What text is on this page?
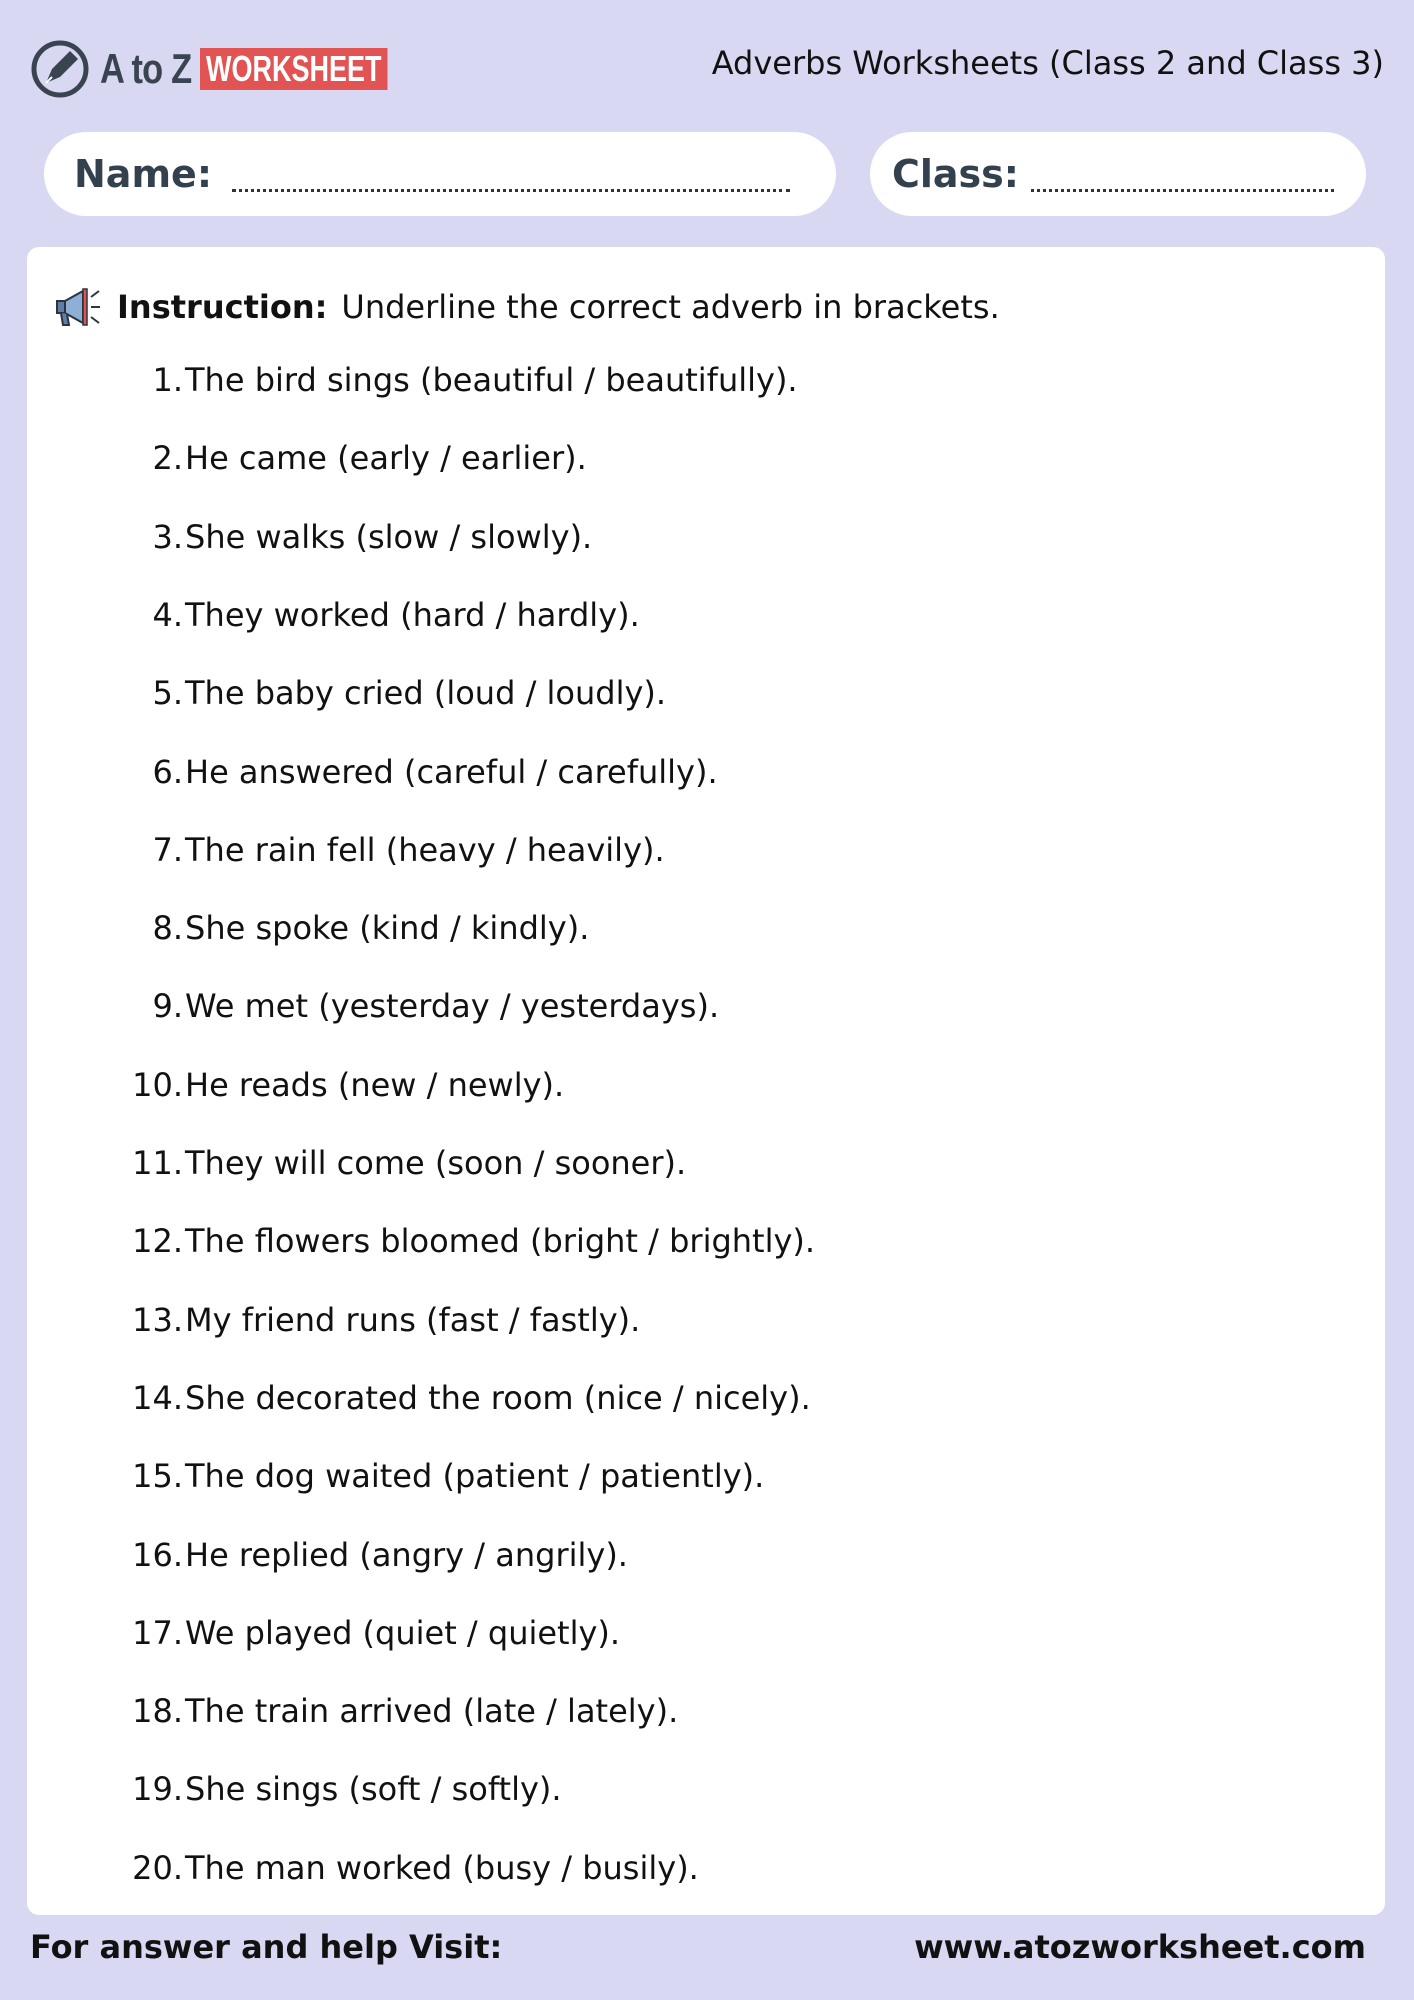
A to Z WORKSHEET	Adverbs Worksheets (Class 2 and Class 3)
Name:	Class:
Instruction: Underline the correct adverb in brackets.
1. The bird sings (beautiful / beautifully).
2. He came (early / earlier).
3. She walks (slow / slowly).
4. They worked (hard / hardly).
5. The baby cried (loud / loudly).
6. He answered (careful / carefully).
7. The rain fell (heavy / heavily).
8. She spoke (kind / kindly).
9. We met (yesterday / yesterdays).
10. He reads (new / newly).
11. They will come (soon / sooner).
12. The flowers bloomed (bright / brightly).
13. My friend runs (fast / fastly).
14. She decorated the room (nice / nicely).
15. The dog waited (patient / patiently).
16. He replied (angry / angrily).
17. We played (quiet / quietly).
18. The train arrived (late / lately).
19. She sings (soft / softly).
20. The man worked (busy / busily).
For answer and help Visit:	www.atozworksheet.com
